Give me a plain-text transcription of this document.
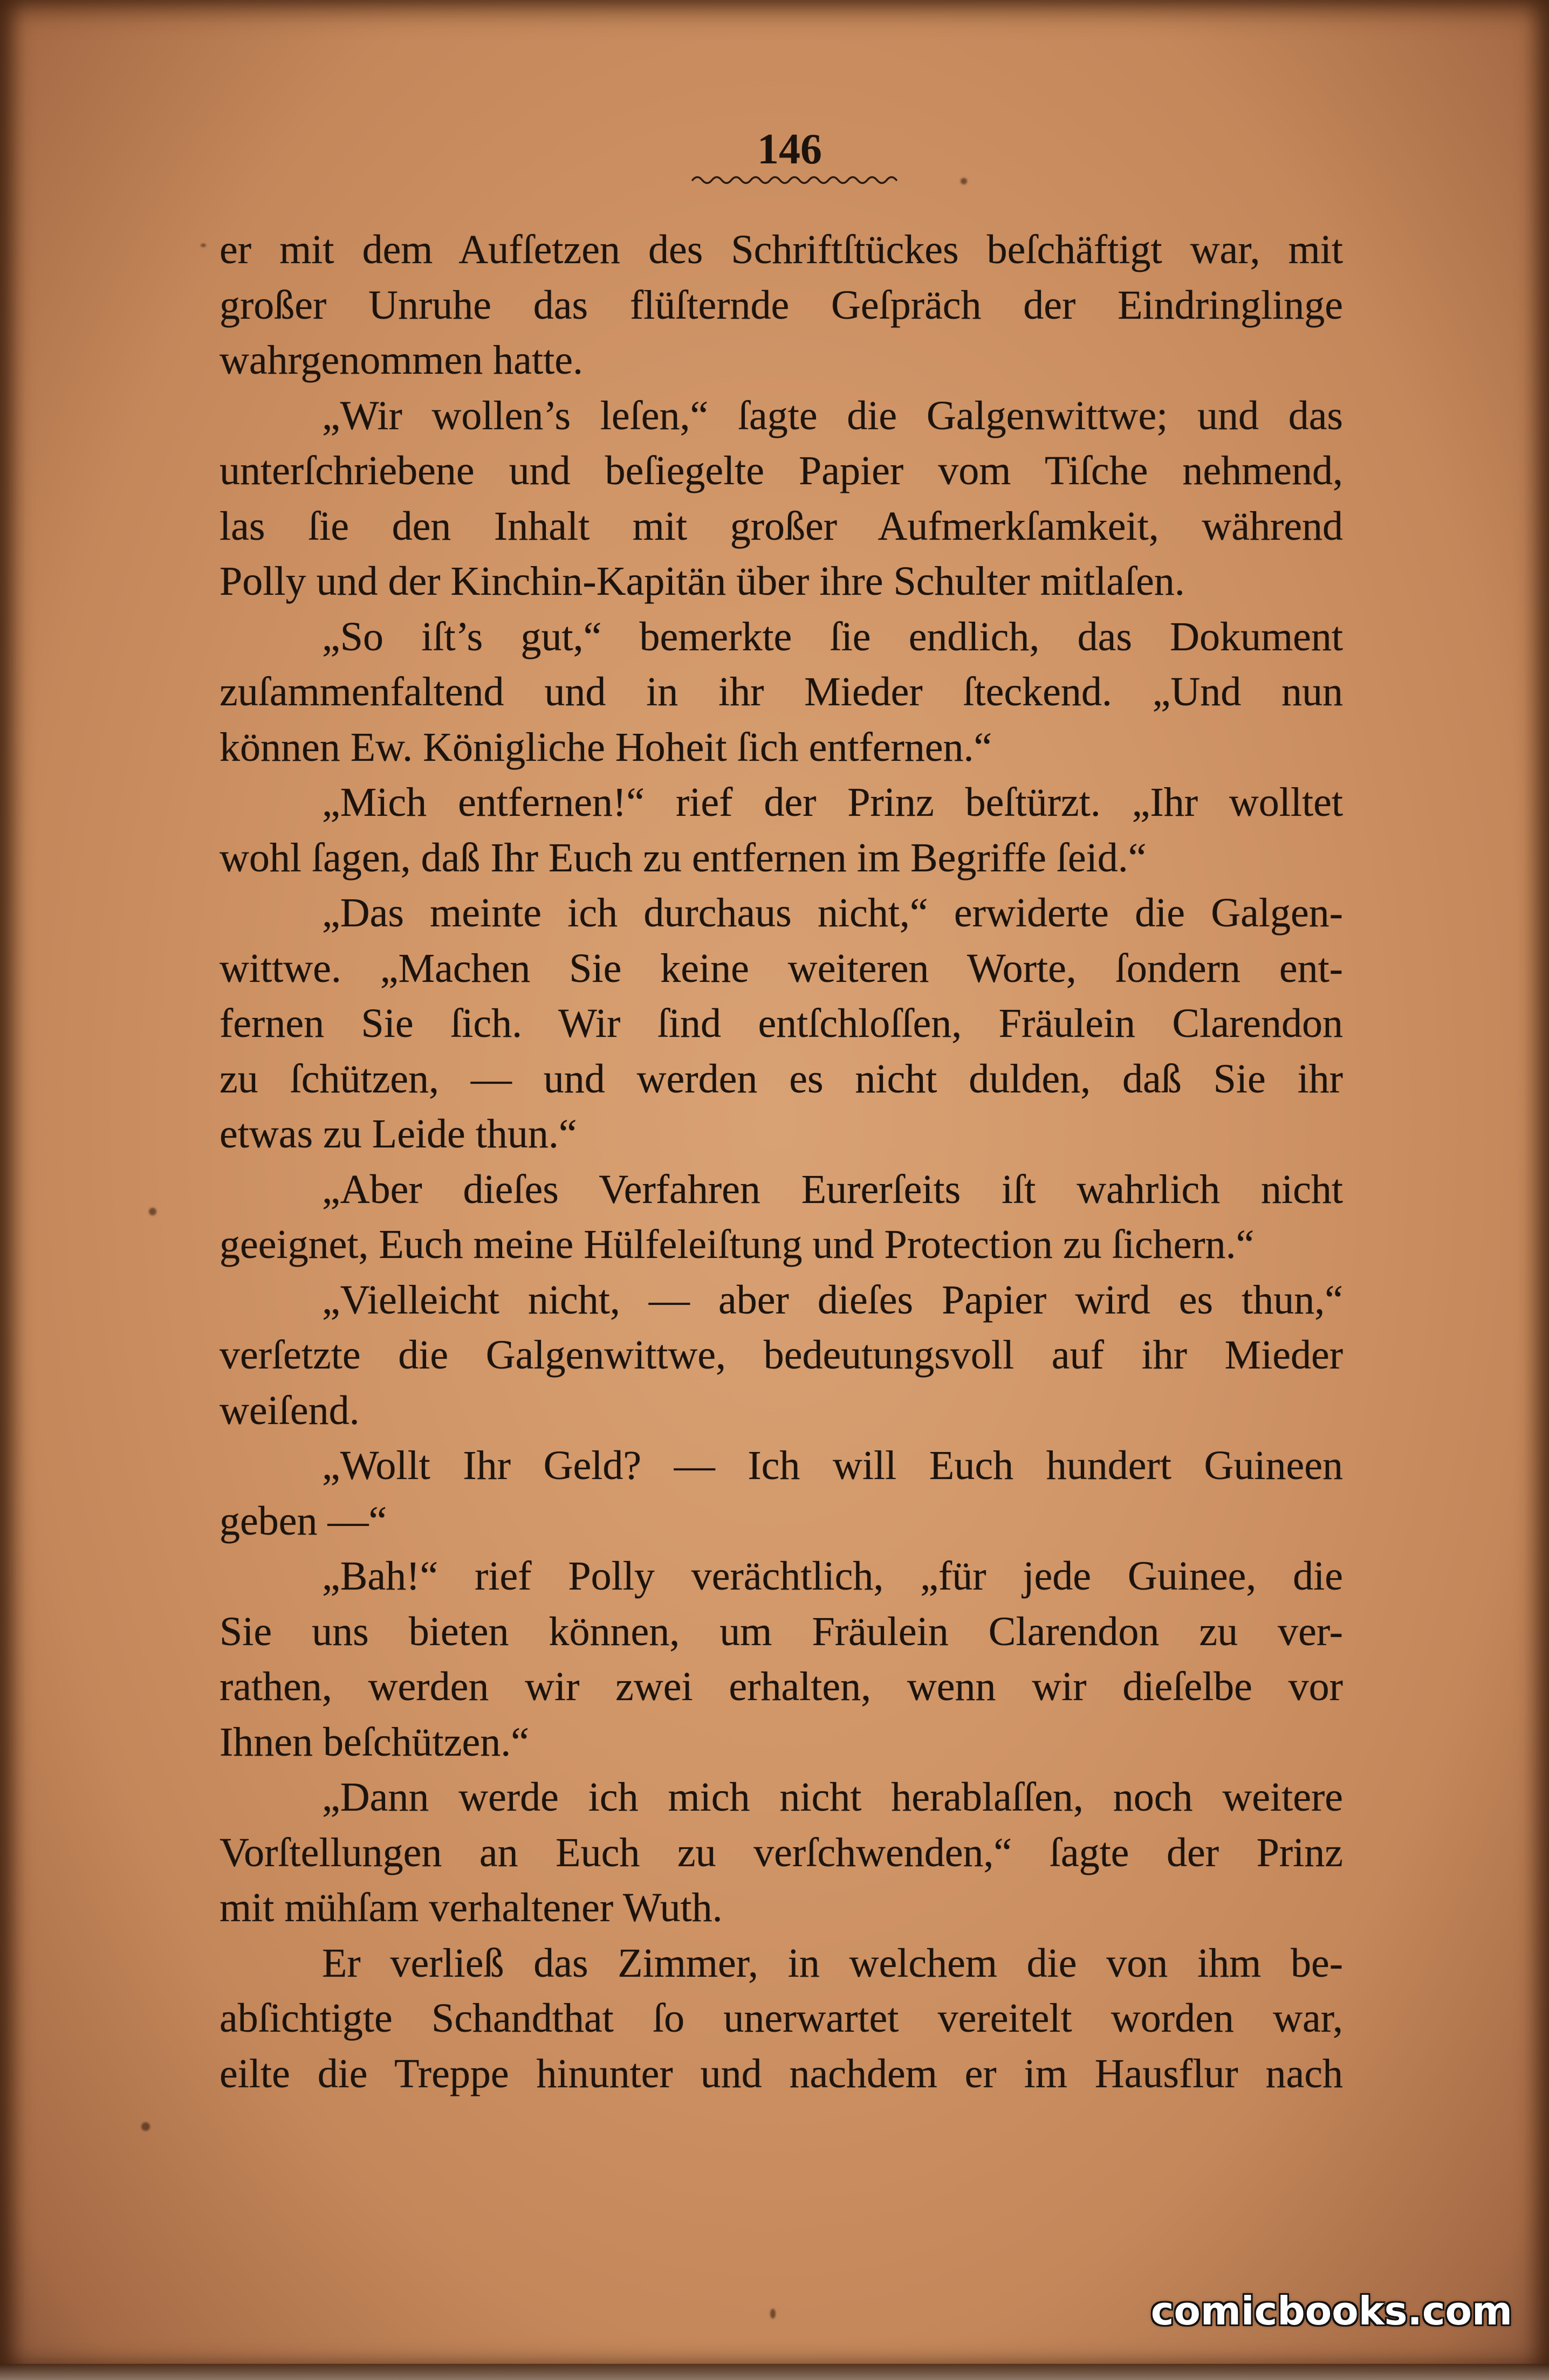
146
er mit dem Aufſetzen des Schriftſtückes beſchäftigt war, mit
großer Unruhe das flüſternde Geſpräch der Eindringlinge
wahrgenommen hatte.
„Wir wollen’s leſen,“ ſagte die Galgenwittwe; und das
unterſchriebene und beſiegelte Papier vom Tiſche nehmend,
las ſie den Inhalt mit großer Aufmerkſamkeit, während
Polly und der Kinchin-Kapitän über ihre Schulter mitlaſen.
„So iſt’s gut,“ bemerkte ſie endlich, das Dokument
zuſammenfaltend und in ihr Mieder ſteckend. „Und nun
können Ew. Königliche Hoheit ſich entfernen.“
„Mich entfernen!“ rief der Prinz beſtürzt. „Ihr wolltet
wohl ſagen, daß Ihr Euch zu entfernen im Begriffe ſeid.“
„Das meinte ich durchaus nicht,“ erwiderte die Galgen-
wittwe. „Machen Sie keine weiteren Worte, ſondern ent-
fernen Sie ſich. Wir ſind entſchloſſen, Fräulein Clarendon
zu ſchützen, — und werden es nicht dulden, daß Sie ihr
etwas zu Leide thun.“
„Aber dieſes Verfahren Eurerſeits iſt wahrlich nicht
geeignet, Euch meine Hülfeleiſtung und Protection zu ſichern.“
„Vielleicht nicht, — aber dieſes Papier wird es thun,“
verſetzte die Galgenwittwe, bedeutungsvoll auf ihr Mieder
weiſend.
„Wollt Ihr Geld? — Ich will Euch hundert Guineen
geben —“
„Bah!“ rief Polly verächtlich, „für jede Guinee, die
Sie uns bieten können, um Fräulein Clarendon zu ver-
rathen, werden wir zwei erhalten, wenn wir dieſelbe vor
Ihnen beſchützen.“
„Dann werde ich mich nicht herablaſſen, noch weitere
Vorſtellungen an Euch zu verſchwenden,“ ſagte der Prinz
mit mühſam verhaltener Wuth.
Er verließ das Zimmer, in welchem die von ihm be-
abſichtigte Schandthat ſo unerwartet vereitelt worden war,
eilte die Treppe hinunter und nachdem er im Hausflur nach
comicbooks.com
